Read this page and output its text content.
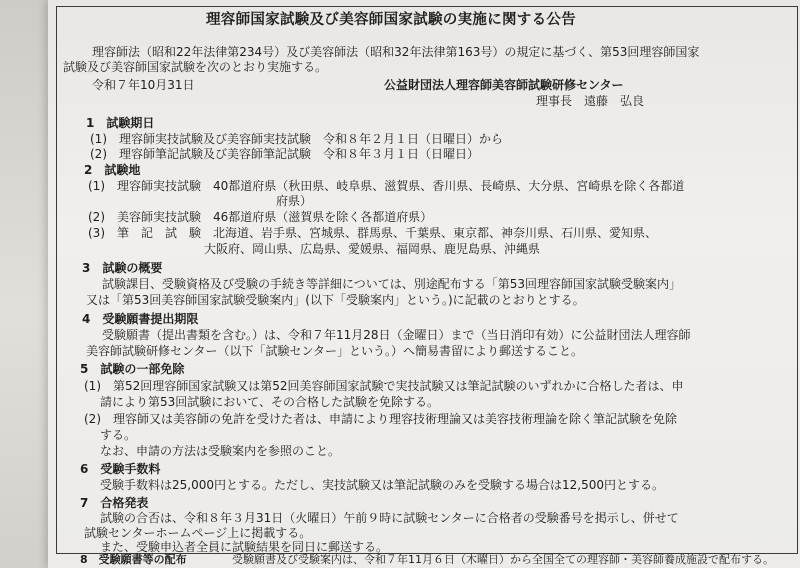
理容師国家試験及び美容師国家試験の実施に関する公告
理容師法（昭和22年法律第234号）及び美容師法（昭和32年法律第163号）の規定に基づく、第53回理容師国家
試験及び美容師国家試験を次のとおり実施する。
令和７年10月31日	公益財団法人理容師美容師試験研修センター
理事長　遠藤　弘良
1　試験期日
(1)　理容師実技試験及び美容師実技試験　令和８年２月１日（日曜日）から
(2)　理容師筆記試験及び美容師筆記試験　令和８年３月１日（日曜日）
2　試験地
(1)　理容師実技試験　40都道府県（秋田県、岐阜県、滋賀県、香川県、長崎県、大分県、宮崎県を除く各都道
府県）
(2)　美容師実技試験　46都道府県（滋賀県を除く各都道府県）
(3)　筆　記　試　験　北海道、岩手県、宮城県、群馬県、千葉県、東京都、神奈川県、石川県、愛知県、
大阪府、岡山県、広島県、愛媛県、福岡県、鹿児島県、沖縄県
3　試験の概要
試験課目、受験資格及び受験の手続き等詳細については、別途配布する「第53回理容師国家試験受験案内」
又は「第53回美容師国家試験受験案内」(以下「受験案内」という。)に記載のとおりとする。
4　受験願書提出期限
受験願書（提出書類を含む。）は、令和７年11月28日（金曜日）まで（当日消印有効）に公益財団法人理容師
美容師試験研修センター（以下「試験センター」という。）へ簡易書留により郵送すること。
5　試験の一部免除
(1)　第52回理容師国家試験又は第52回美容師国家試験で実技試験又は筆記試験のいずれかに合格した者は、申
請により第53回試験において、その合格した試験を免除する。
(2)　理容師又は美容師の免許を受けた者は、申請により理容技術理論又は美容技術理論を除く筆記試験を免除
する。
なお、申請の方法は受験案内を参照のこと。
6　受験手数料
受験手数料は25,000円とする。ただし、実技試験又は筆記試験のみを受験する場合は12,500円とする。
7　合格発表
試験の合否は、令和８年３月31日（火曜日）午前９時に試験センターに合格者の受験番号を掲示し、併せて
試験センターホームページ上に掲載する。
また、受験申込者全員に試験結果を同日に郵送する。
8　受験願書等の配布	受験願書及び受験案内は、令和７年11月６日（木曜日）から全国全ての理容師・美容師養成施設で配布する。
